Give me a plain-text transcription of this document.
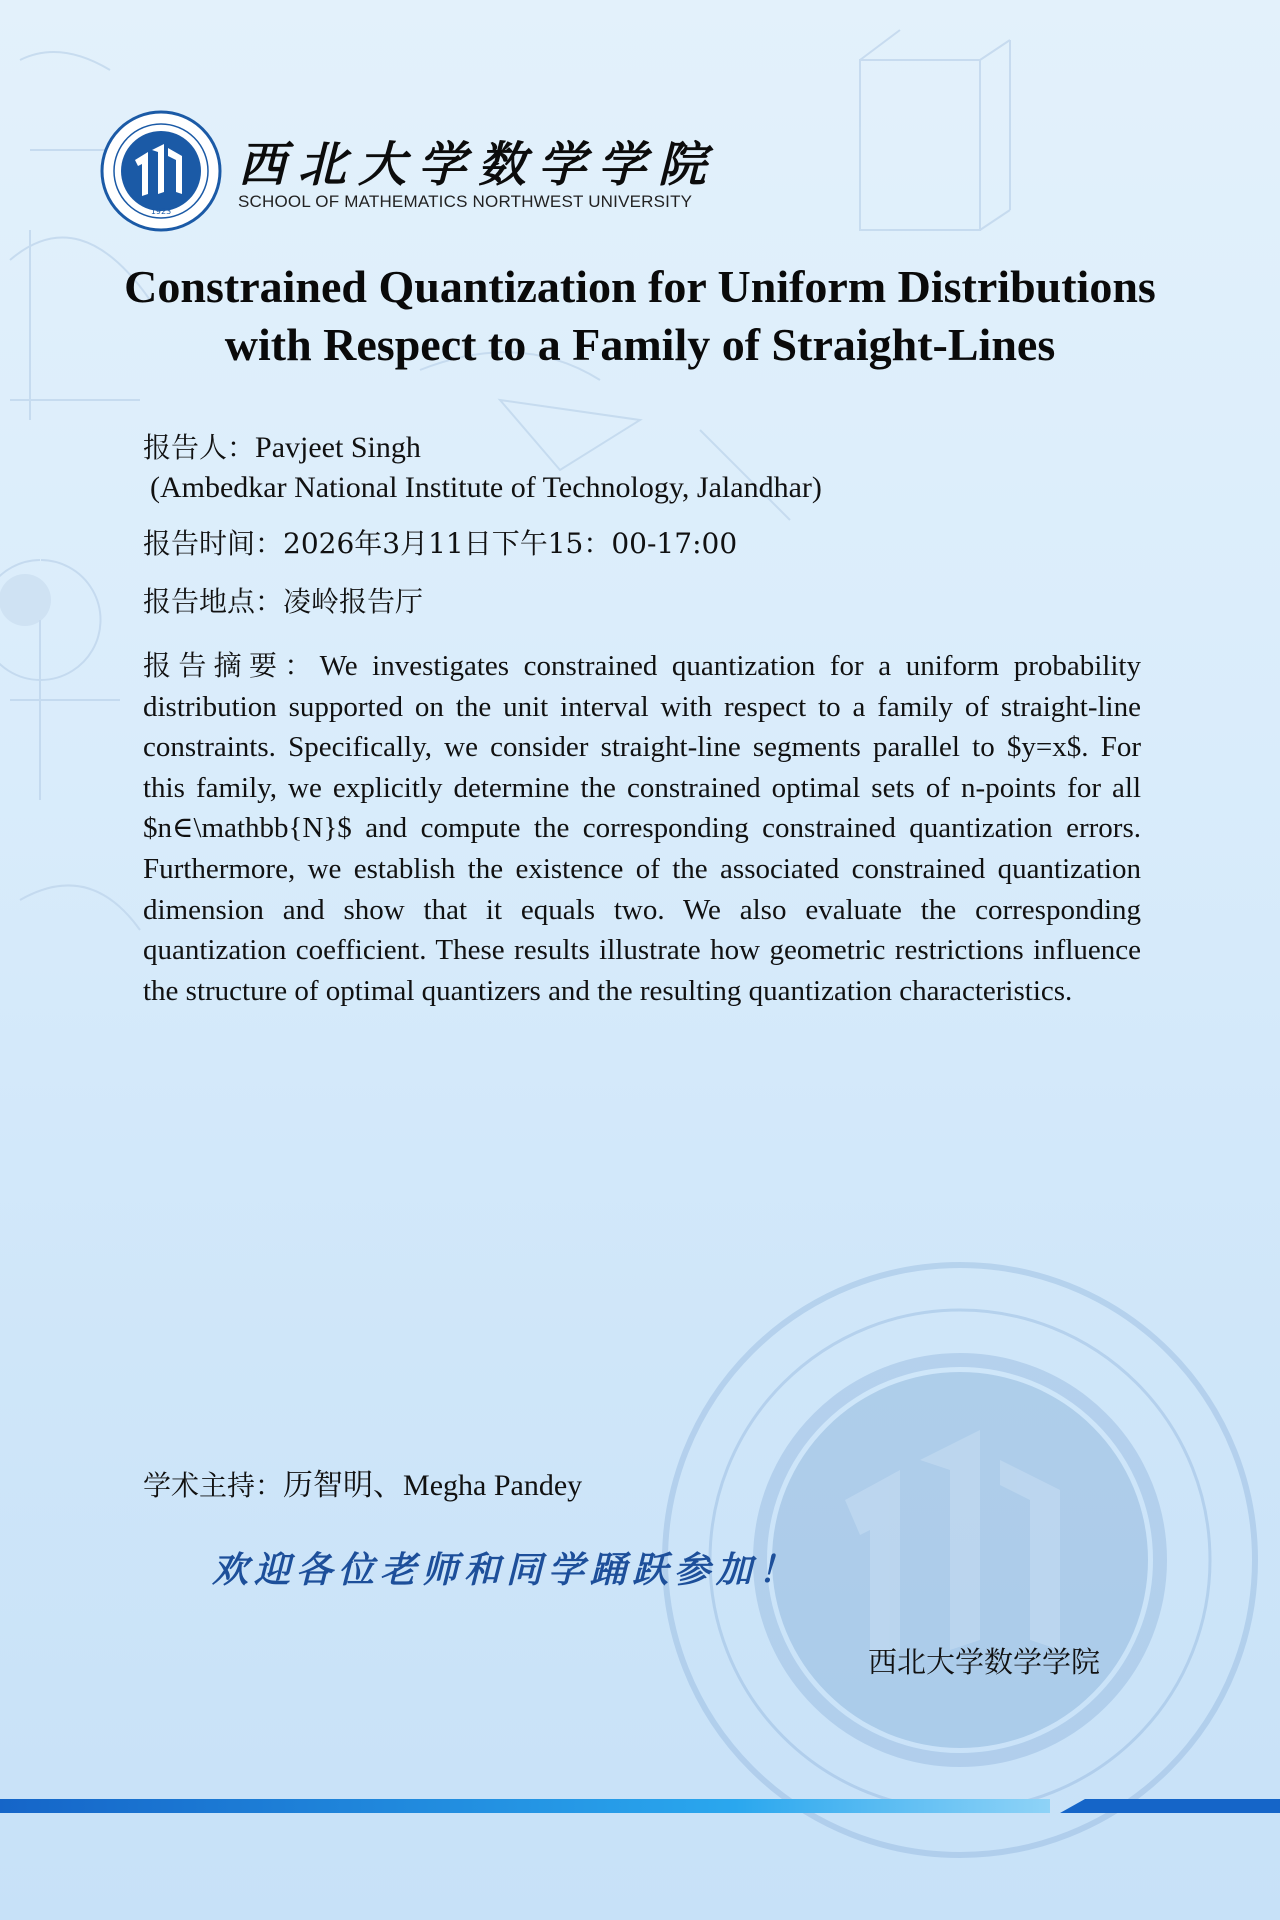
1923
西北大学数学学院
SCHOOL OF MATHEMATICS NORTHWEST UNIVERSITY
Constrained Quantization for Uniform Distributions
with Respect to a Family of Straight-Lines
报告人：Pavjeet Singh
(Ambedkar National Institute of Technology, Jalandhar)
报告时间：2026年3月11日下午15：00-17:00
报告地点：凌岭报告厅
报告摘要：We investigates constrained quantization for a uniform probability distribution supported on the unit interval with respect to a family of straight-line constraints. Specifically, we consider straight-line segments parallel to $y=x$. For this family, we explicitly determine the constrained optimal sets of n-points for all $n∈\mathbb{N}$ and compute the corresponding constrained quantization errors. Furthermore, we establish the existence of the associated constrained quantization dimension and show that it equals two. We also evaluate the corresponding quantization coefficient. These results illustrate how geometric restrictions influence the structure of optimal quantizers and the resulting quantization characteristics.
学术主持：历智明、Megha Pandey
欢迎各位老师和同学踊跃参加！
西北大学数学学院
